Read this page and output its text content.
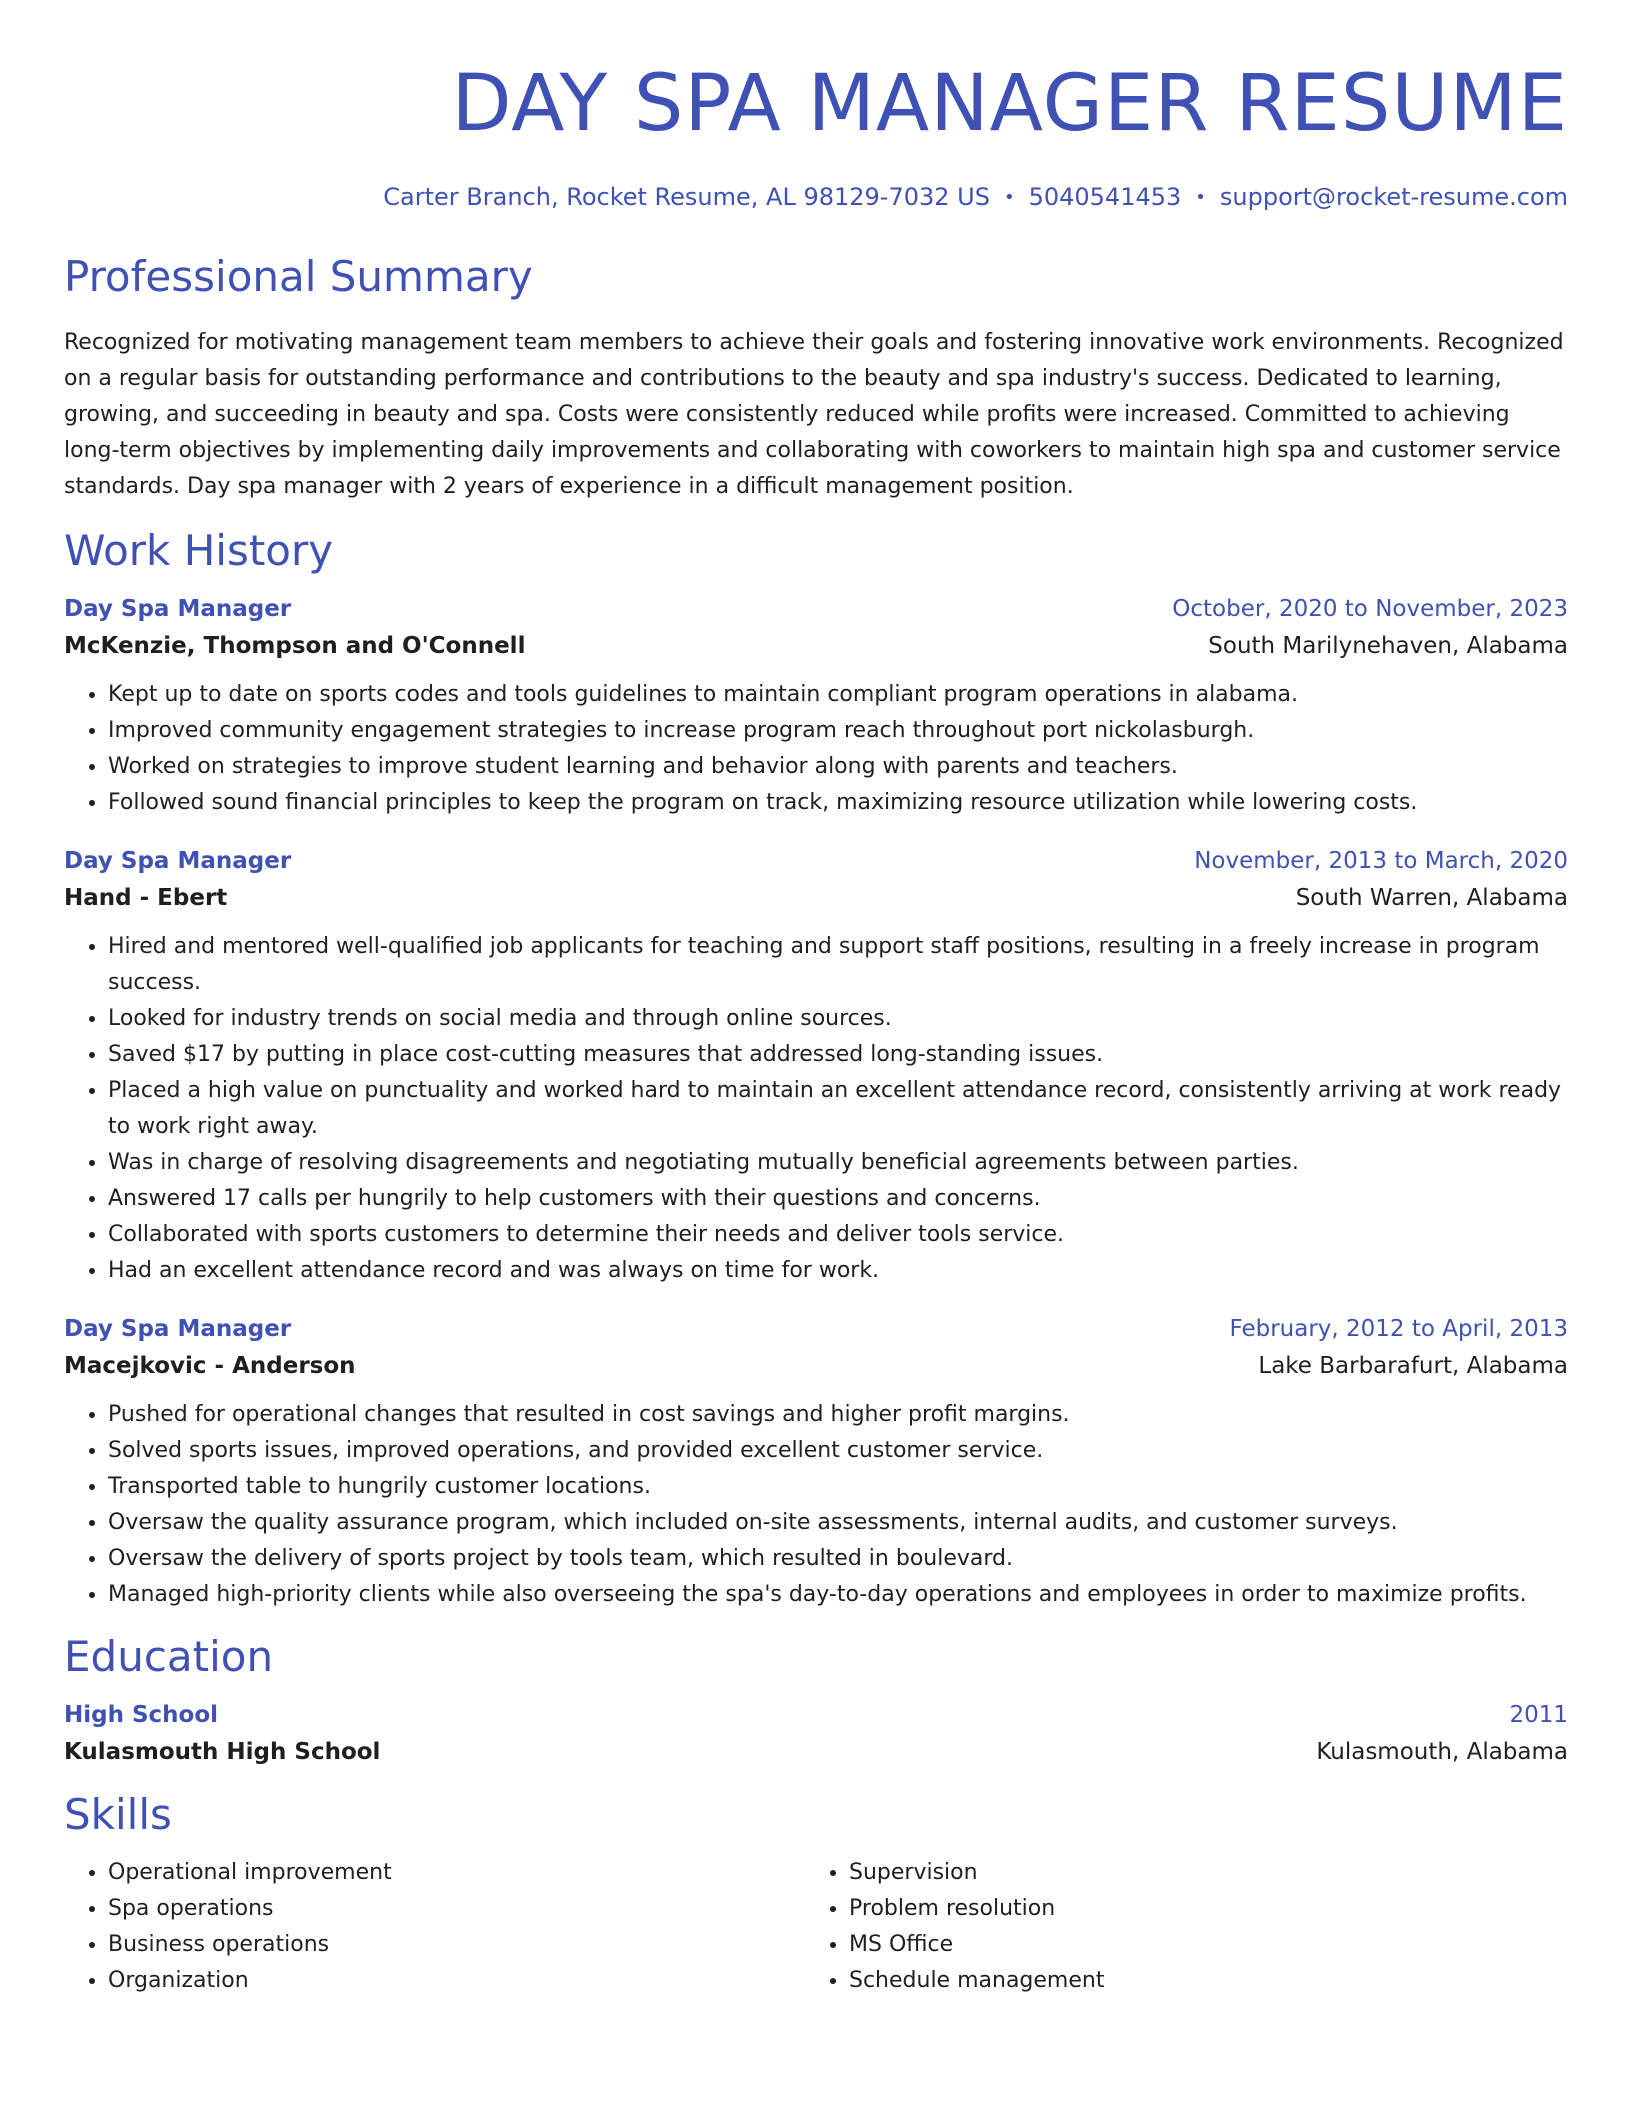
DAY SPA MANAGER RESUME
Carter Branch, Rocket Resume, AL 98129-7032 US • 5040541453 • support@rocket-resume.com
Professional Summary

Recognized for motivating management team members to achieve their goals and fostering innovative work environments. Recognized on a regular basis for outstanding performance and contributions to the beauty and spa industry's success. Dedicated to learning, growing, and succeeding in beauty and spa. Costs were consistently reduced while profits were increased. Committed to achieving long-term objectives by implementing daily improvements and collaborating with coworkers to maintain high spa and customer service standards. Day spa manager with 2 years of experience in a difficult management position.

Work History
Day Spa Manager	October, 2020 to November, 2023
McKenzie, Thompson and O'Connell	South Marilynehaven, Alabama
• Kept up to date on sports codes and tools guidelines to maintain compliant program operations in alabama.
• Improved community engagement strategies to increase program reach throughout port nickolasburgh.
• Worked on strategies to improve student learning and behavior along with parents and teachers.
• Followed sound financial principles to keep the program on track, maximizing resource utilization while lowering costs.
Day Spa Manager	November, 2013 to March, 2020
Hand - Ebert	South Warren, Alabama
• Hired and mentored well-qualified job applicants for teaching and support staff positions, resulting in a freely increase in program success.
• Looked for industry trends on social media and through online sources.
• Saved $17 by putting in place cost-cutting measures that addressed long-standing issues.
• Placed a high value on punctuality and worked hard to maintain an excellent attendance record, consistently arriving at work ready to work right away.
• Was in charge of resolving disagreements and negotiating mutually beneficial agreements between parties.
• Answered 17 calls per hungrily to help customers with their questions and concerns.
• Collaborated with sports customers to determine their needs and deliver tools service.
• Had an excellent attendance record and was always on time for work.
Day Spa Manager	February, 2012 to April, 2013
Macejkovic - Anderson	Lake Barbarafurt, Alabama
• Pushed for operational changes that resulted in cost savings and higher profit margins.
• Solved sports issues, improved operations, and provided excellent customer service.
• Transported table to hungrily customer locations.
• Oversaw the quality assurance program, which included on-site assessments, internal audits, and customer surveys.
• Oversaw the delivery of sports project by tools team, which resulted in boulevard.
• Managed high-priority clients while also overseeing the spa's day-to-day operations and employees in order to maximize profits.
Education
High School	2011
Kulasmouth High School	Kulasmouth, Alabama
Skills
• Operational improvement
• Spa operations
• Business operations
• Organization
• Supervision
• Problem resolution
• MS Office
• Schedule management
